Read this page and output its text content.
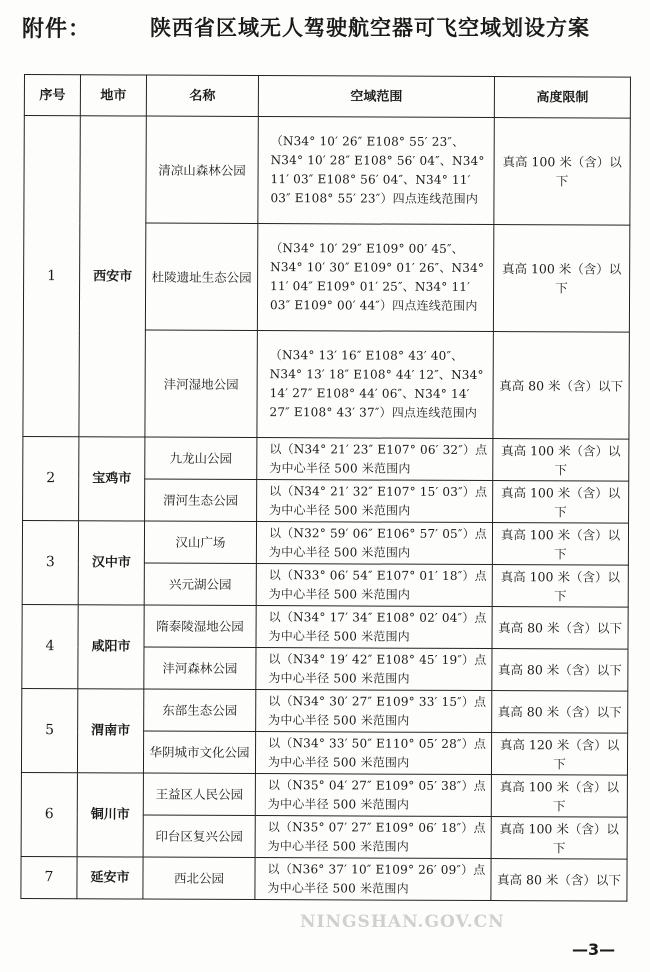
附件：	陕西省区域无人驾驶航空器可飞空域划设方案
序号	地市	名称	空域范围	高度限制
1	西安市	清凉山森林公园	（N34° 10′ 26″ E108° 55′ 23″、N34° 10′ 28″ E108° 56′ 04″、N34° 11′ 03″ E108° 56′ 04″、N34° 11′ 03″ E108° 55′ 23″）四点连线范围内	真高 100 米（含）以下
		杜陵遗址生态公园	（N34° 10′ 29″ E109° 00′ 45″、N34° 10′ 30″ E109° 01′ 26″、N34° 11′ 04″ E109° 01′ 25″、N34° 11′ 03″ E109° 00′ 44″）四点连线范围内	真高 100 米（含）以下
		沣河湿地公园	（N34° 13′ 16″ E108° 43′ 40″、N34° 13′ 18″ E108° 44′ 12″、N34° 14′ 27″ E108° 44′ 06″、N34° 14′ 27″ E108° 43′ 37″）四点连线范围内	真高 80 米（含）以下
2	宝鸡市	九龙山公园	以（N34° 21′ 23″ E107° 06′ 32″）点为中心半径 500 米范围内	真高 100 米（含）以下
		渭河生态公园	以（N34° 21′ 32″ E107° 15′ 03″）点为中心半径 500 米范围内	真高 100 米（含）以下
3	汉中市	汉山广场	以（N32° 59′ 06″ E106° 57′ 05″）点为中心半径 500 米范围内	真高 100 米（含）以下
		兴元湖公园	以（N33° 06′ 54″ E107° 01′ 18″）点为中心半径 500 米范围内	真高 100 米（含）以下
4	咸阳市	隋泰陵湿地公园	以（N34° 17′ 34″ E108° 02′ 04″）点为中心半径 500 米范围内	真高 80 米（含）以下
		沣河森林公园	以（N34° 19′ 42″ E108° 45′ 19″）点为中心半径 500 米范围内	真高 80 米（含）以下
5	渭南市	东部生态公园	以（N34° 30′ 27″ E109° 33′ 15″）点为中心半径 500 米范围内	真高 80 米（含）以下
		华阴城市文化公园	以（N34° 33′ 50″ E110° 05′ 28″）点为中心半径 500 米范围内	真高 120 米（含）以下
6	铜川市	王益区人民公园	以（N35° 04′ 27″ E109° 05′ 38″）点为中心半径 500 米范围内	真高 100 米（含）以下
		印台区复兴公园	以（N35° 07′ 27″ E109° 06′ 18″）点为中心半径 500 米范围内	真高 100 米（含）以下
7	延安市	西北公园	以（N36° 37′ 10″ E109° 26′ 09″）点为中心半径 500 米范围内	真高 80 米（含）以下
NINGSHAN.GOV.CN
—3—
